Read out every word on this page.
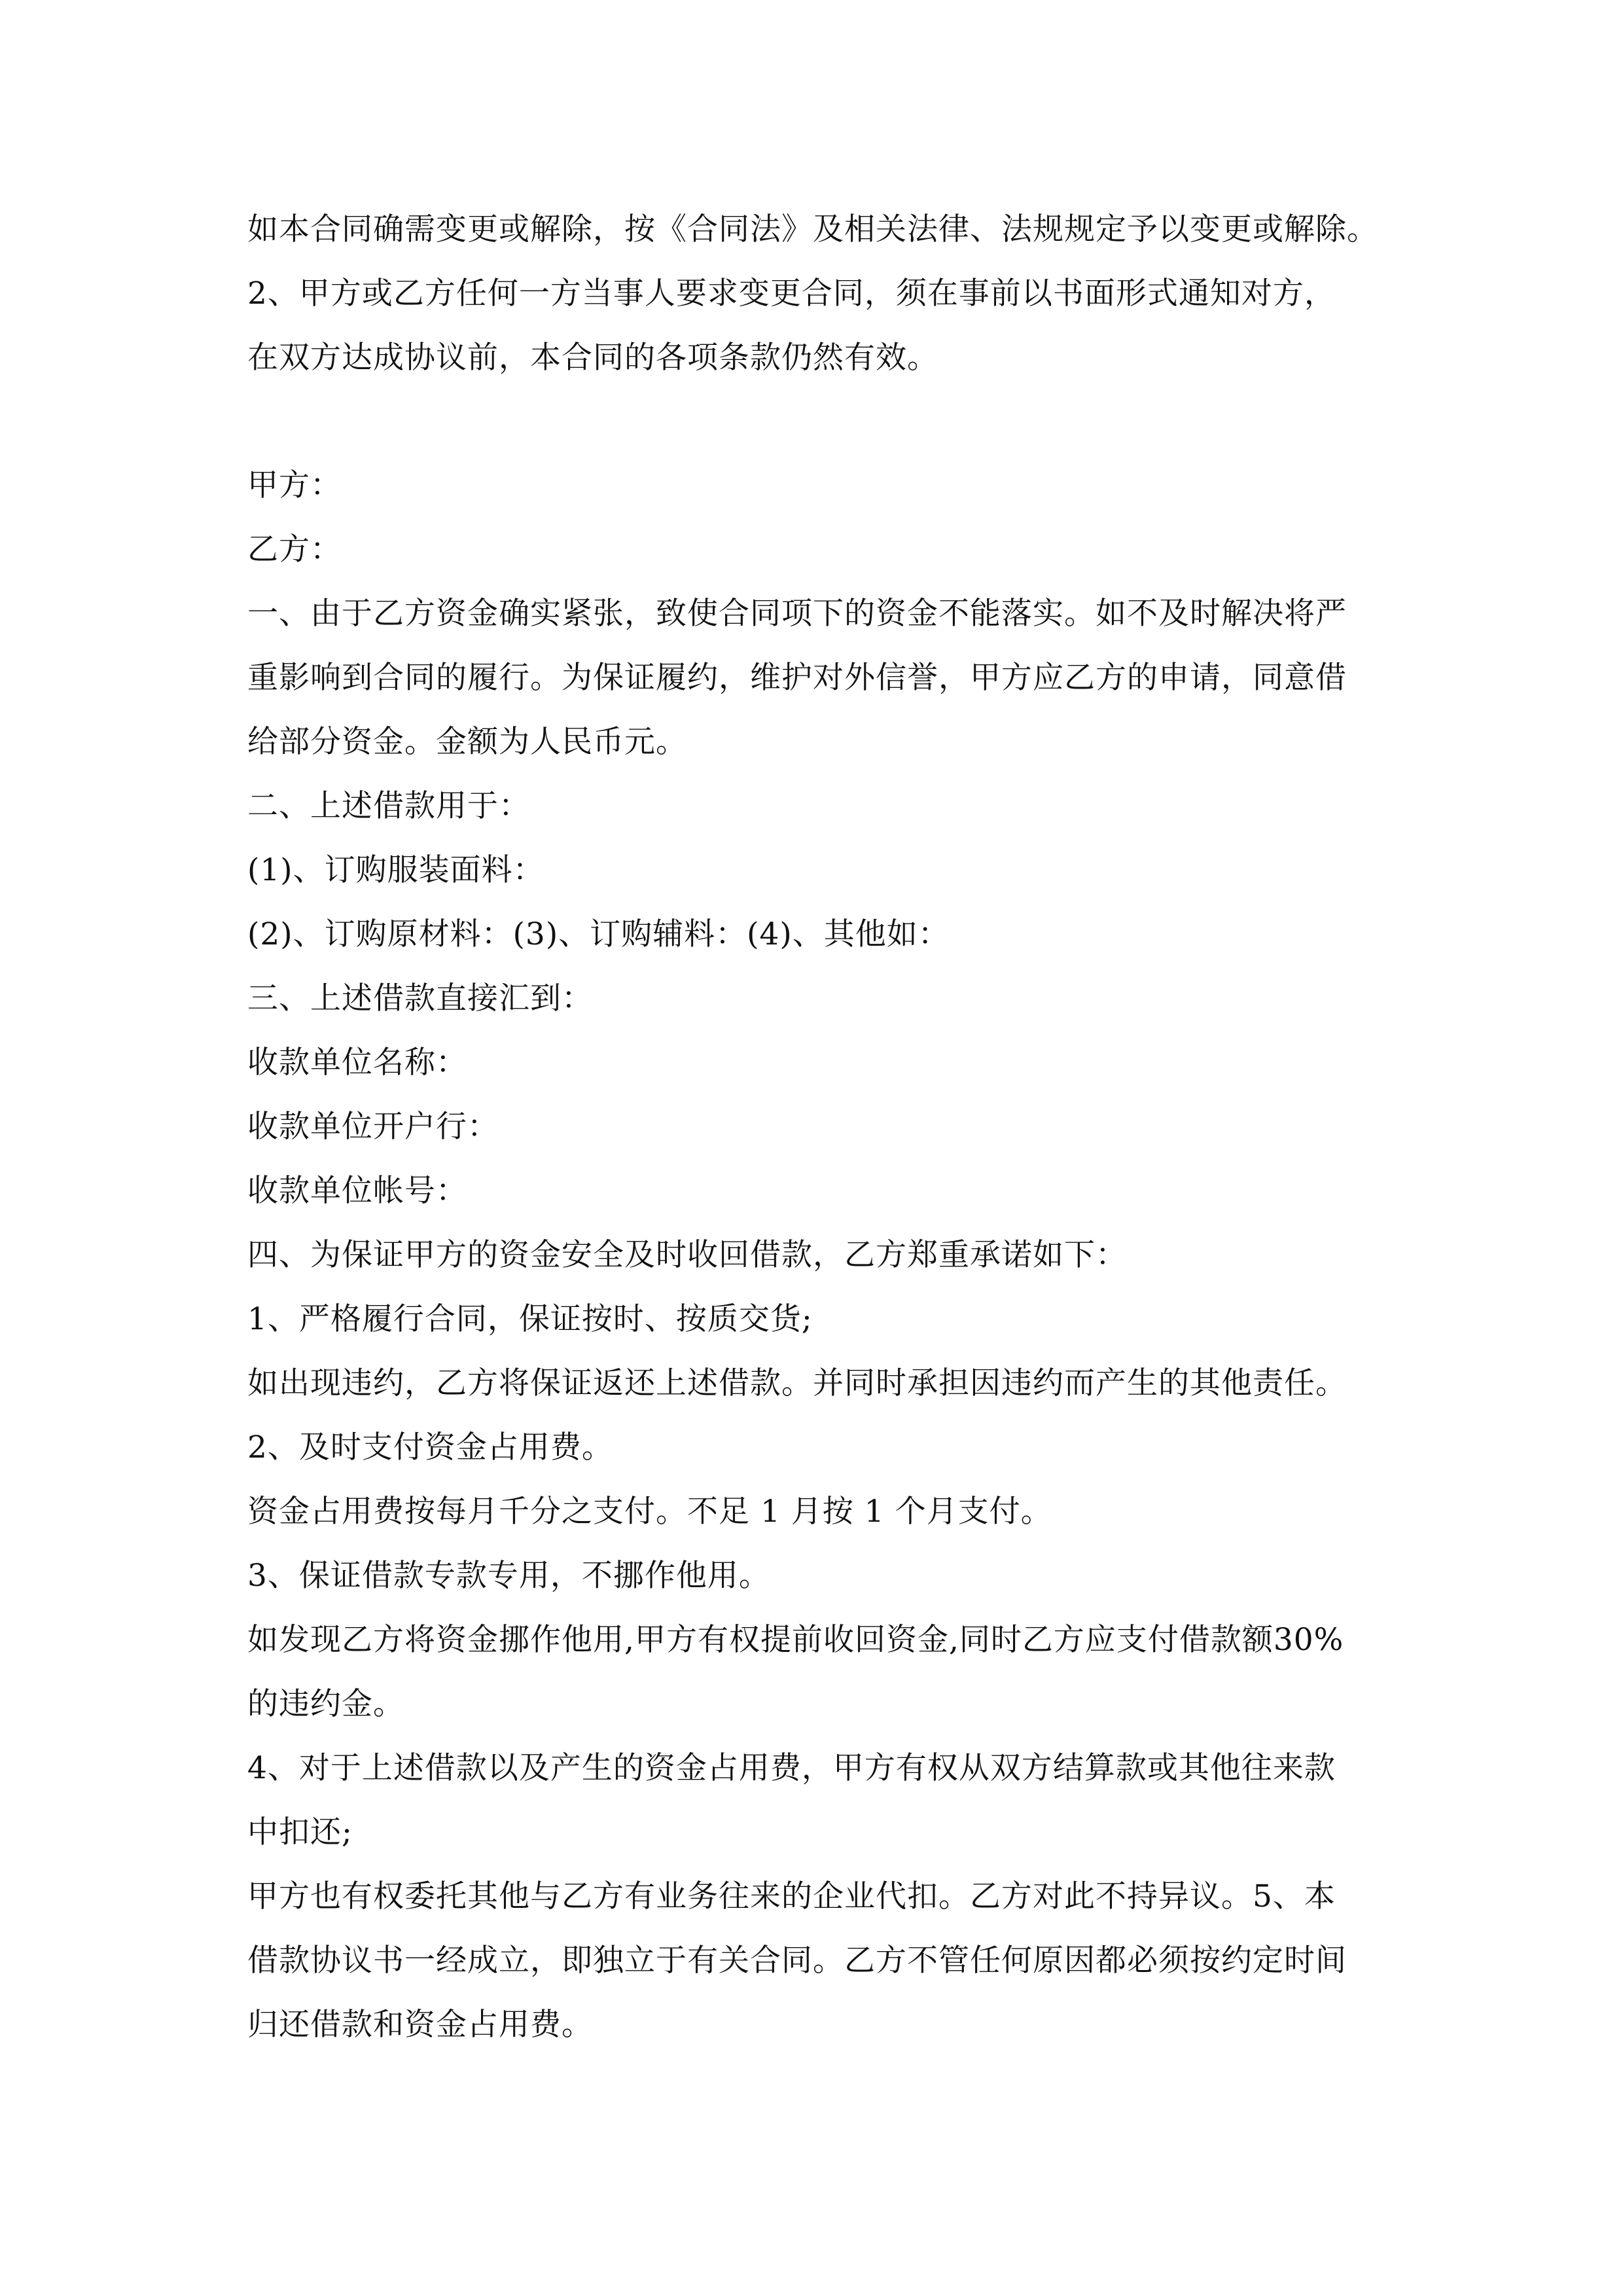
如本合同确需变更或解除，按《合同法》及相关法律、法规规定予以变更或解除。
2、甲方或乙方任何一方当事人要求变更合同，须在事前以书面形式通知对方，
在双方达成协议前，本合同的各项条款仍然有效。
甲方：
乙方：
一、由于乙方资金确实紧张，致使合同项下的资金不能落实。如不及时解决将严
重影响到合同的履行。为保证履约，维护对外信誉，甲方应乙方的申请，同意借
给部分资金。金额为人民币元。
二、上述借款用于：
(1)、订购服装面料：
(2)、订购原材料：(3)、订购辅料：(4)、其他如：
三、上述借款直接汇到：
收款单位名称：
收款单位开户行：
收款单位帐号：
四、为保证甲方的资金安全及时收回借款，乙方郑重承诺如下：
1、严格履行合同，保证按时、按质交货;
如出现违约，乙方将保证返还上述借款。并同时承担因违约而产生的其他责任。
2、及时支付资金占用费。
资金占用费按每月千分之支付。不足 1 月按 1 个月支付。
3、保证借款专款专用，不挪作他用。
如发现乙方将资金挪作他用,甲方有权提前收回资金,同时乙方应支付借款额30%
的违约金。
4、对于上述借款以及产生的资金占用费，甲方有权从双方结算款或其他往来款
中扣还;
甲方也有权委托其他与乙方有业务往来的企业代扣。乙方对此不持异议。5、本
借款协议书一经成立，即独立于有关合同。乙方不管任何原因都必须按约定时间
归还借款和资金占用费。
